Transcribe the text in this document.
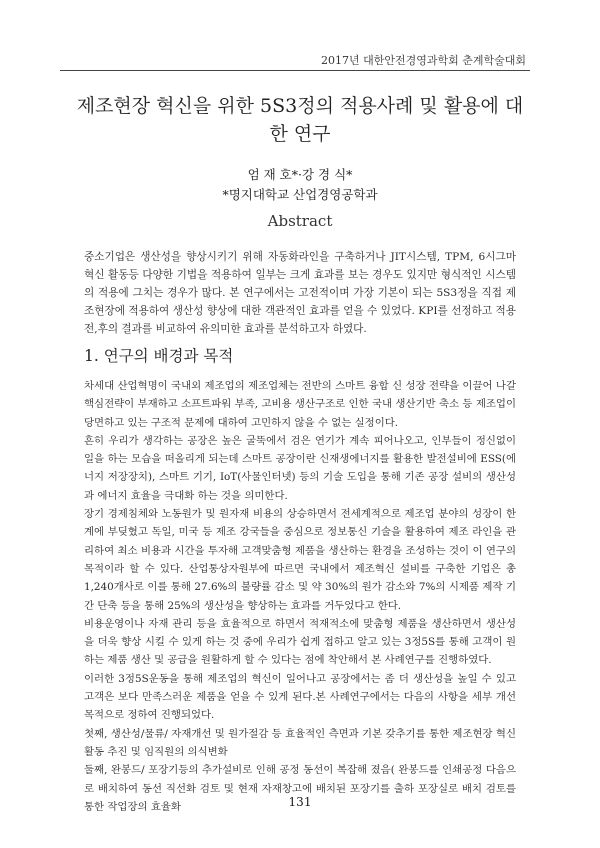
2017년 대한안전경영과학회 춘계학술대회
제조현장 혁신을 위한 5S3정의 적용사례 및 활용에 대한 연구
엄 재 호*·강 경 식*
*명지대학교 산업경영공학과
Abstract
중소기업은 생산성을 향상시키기 위해 자동화라인을 구축하거나 JIT시스템, TPM, 6시그마 혁신 활동등 다양한 기법을 적용하여 일부는 크게 효과를 보는 경우도 있지만 형식적인 시스템의 적용에 그치는 경우가 많다. 본 연구에서는 고전적이며 가장 기본이 되는 5S3정을 직접 제조현장에 적용하여 생산성 향상에 대한 객관적인 효과를 얻을 수 있었다. KPI를 선정하고 적용전,후의 결과를 비교하여 유의미한 효과를 분석하고자 하였다.
1. 연구의 배경과 목적

차세대 산업혁명이 국내외 제조업의 제조업체는 전반의 스마트 융합 신 성장 전략을 이끌어 나갈 핵심전략이 부재하고 소프트파워 부족, 고비용 생산구조로 인한 국내 생산기반 축소 등 제조업이 당면하고 있는 구조적 문제에 대하여 고민하지 않을 수 없는 실정이다.

흔히 우리가 생각하는 공장은 높은 굴뚝에서 검은 연기가 계속 피어나오고, 인부들이 정신없이 일을 하는 모습을 떠올리게 되는데 스마트 공장이란 신재생에너지를 활용한 발전설비에 ESS(에너지 저장장치), 스마트 기기, IoT(사물인터넷) 등의 기술 도입을 통해 기존 공장 설비의 생산성과 에너지 효율을 극대화 하는 것을 의미한다.

장기 경제침체와 노동원가 및 원자재 비용의 상승하면서 전세계적으로 제조업 분야의 성장이 한계에 부딪혔고 독일, 미국 등 제조 강국들을 중심으로 정보통신 기술을 활용하여 제조 라인을 관리하여 최소 비용과 시간을 투자해 고객맞춤형 제품을 생산하는 환경을 조성하는 것이 이 연구의 목적이라 할 수 있다. 산업통상자원부에 따르면 국내에서 제조혁신 설비를 구축한 기업은 총 1,240개사로 이를 통해 27.6%의 불량률 감소 및 약 30%의 원가 감소와 7%의 시제품 제작 기간 단축 등을 통해 25%의 생산성을 향상하는 효과를 거두었다고 한다.

비용운영이나 자재 관리 등을 효율적으로 하면서 적재적소에 맞춤형 제품을 생산하면서 생산성을 더욱 향상 시킬 수 있게 하는 것 중에 우리가 쉽게 접하고 알고 있는 3정5S를 통해 고객이 원하는 제품 생산 및 공급을 원활하게 할 수 있다는 점에 착안해서 본 사례연구를 진행하였다.

이러한 3정5S운동을 통해 제조업의 혁신이 일어나고 공장에서는 좀 더 생산성을 높일 수 있고 고객은 보다 만족스러운 제품을 얻을 수 있게 된다.본 사례연구에서는 다음의 사항을 세부 개선목적으로 정하여 진행되었다.

첫째, 생산성/물류/ 자재개선 및 원가절감 등 효율적인 측면과 기본 갖추기를 통한 제조현장 혁신활동 추진 및 임직원의 의식변화

둘째, 완봉드/ 포장기등의 추가설비로 인해 공정 동선이 복잡해 졌음( 완봉드를 인쇄공정 다음으로 배치하여 동선 직선화 검토 및 현재 자재창고에 배치된 포장기를 출하 포장실로 배치 검토를 통한 작업장의 효율화	131
